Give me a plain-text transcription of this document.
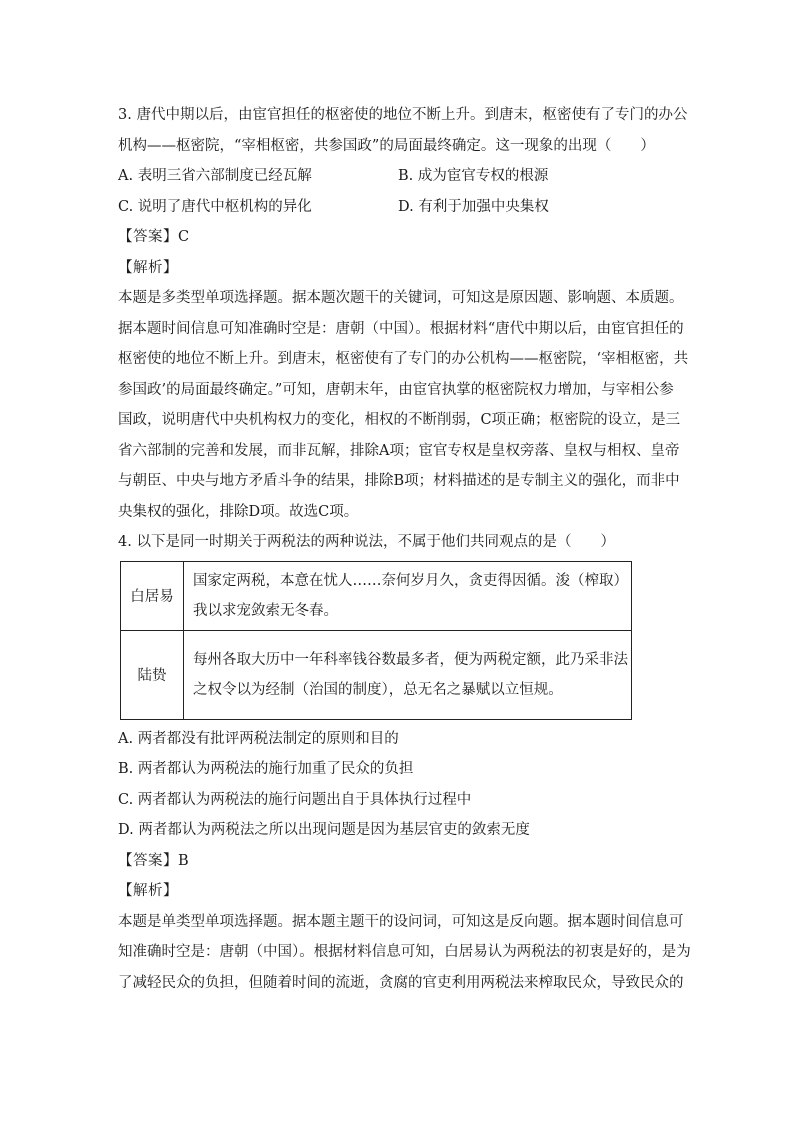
3. 唐代中期以后，由宦官担任的枢密使的地位不断上升。到唐末，枢密使有了专门的办公
机构——枢密院，“宰相枢密，共参国政”的局面最终确定。这一现象的出现（　　）
A. 表明三省六部制度已经瓦解	B. 成为宦官专权的根源
C. 说明了唐代中枢机构的异化	D. 有利于加强中央集权
【答案】C
【解析】
本题是多类型单项选择题。据本题次题干的关键词，可知这是原因题、影响题、本质题。
据本题时间信息可知准确时空是：唐朝（中国）。根据材料“唐代中期以后，由宦官担任的
枢密使的地位不断上升。到唐末，枢密使有了专门的办公机构——枢密院，‘宰相枢密，共
参国政’的局面最终确定。”可知，唐朝末年，由宦官执掌的枢密院权力增加，与宰相公参
国政，说明唐代中央机构权力的变化，相权的不断削弱，C项正确；枢密院的设立，是三
省六部制的完善和发展，而非瓦解，排除A项；宦官专权是皇权旁落、皇权与相权、皇帝
与朝臣、中央与地方矛盾斗争的结果，排除B项；材料描述的是专制主义的强化，而非中
央集权的强化，排除D项。故选C项。
4. 以下是同一时期关于两税法的两种说法，不属于他们共同观点的是（　　）
白居易	国家定两税，本意在忧人……奈何岁月久，贪吏得因循。浚（榨取）
我以求宠敛索无冬春。

陆贽	每州各取大历中一年科率钱谷数最多者，便为两税定额，此乃采非法
之权令以为经制（治国的制度），总无名之暴赋以立恒规。
A. 两者都没有批评两税法制定的原则和目的
B. 两者都认为两税法的施行加重了民众的负担
C. 两者都认为两税法的施行问题出自于具体执行过程中
D. 两者都认为两税法之所以出现问题是因为基层官吏的敛索无度
【答案】B
【解析】
本题是单类型单项选择题。据本题主题干的设问词，可知这是反向题。据本题时间信息可
知准确时空是：唐朝（中国）。根据材料信息可知，白居易认为两税法的初衷是好的，是为
了减轻民众的负担，但随着时间的流逝，贪腐的官吏利用两税法来榨取民众，导致民众的
